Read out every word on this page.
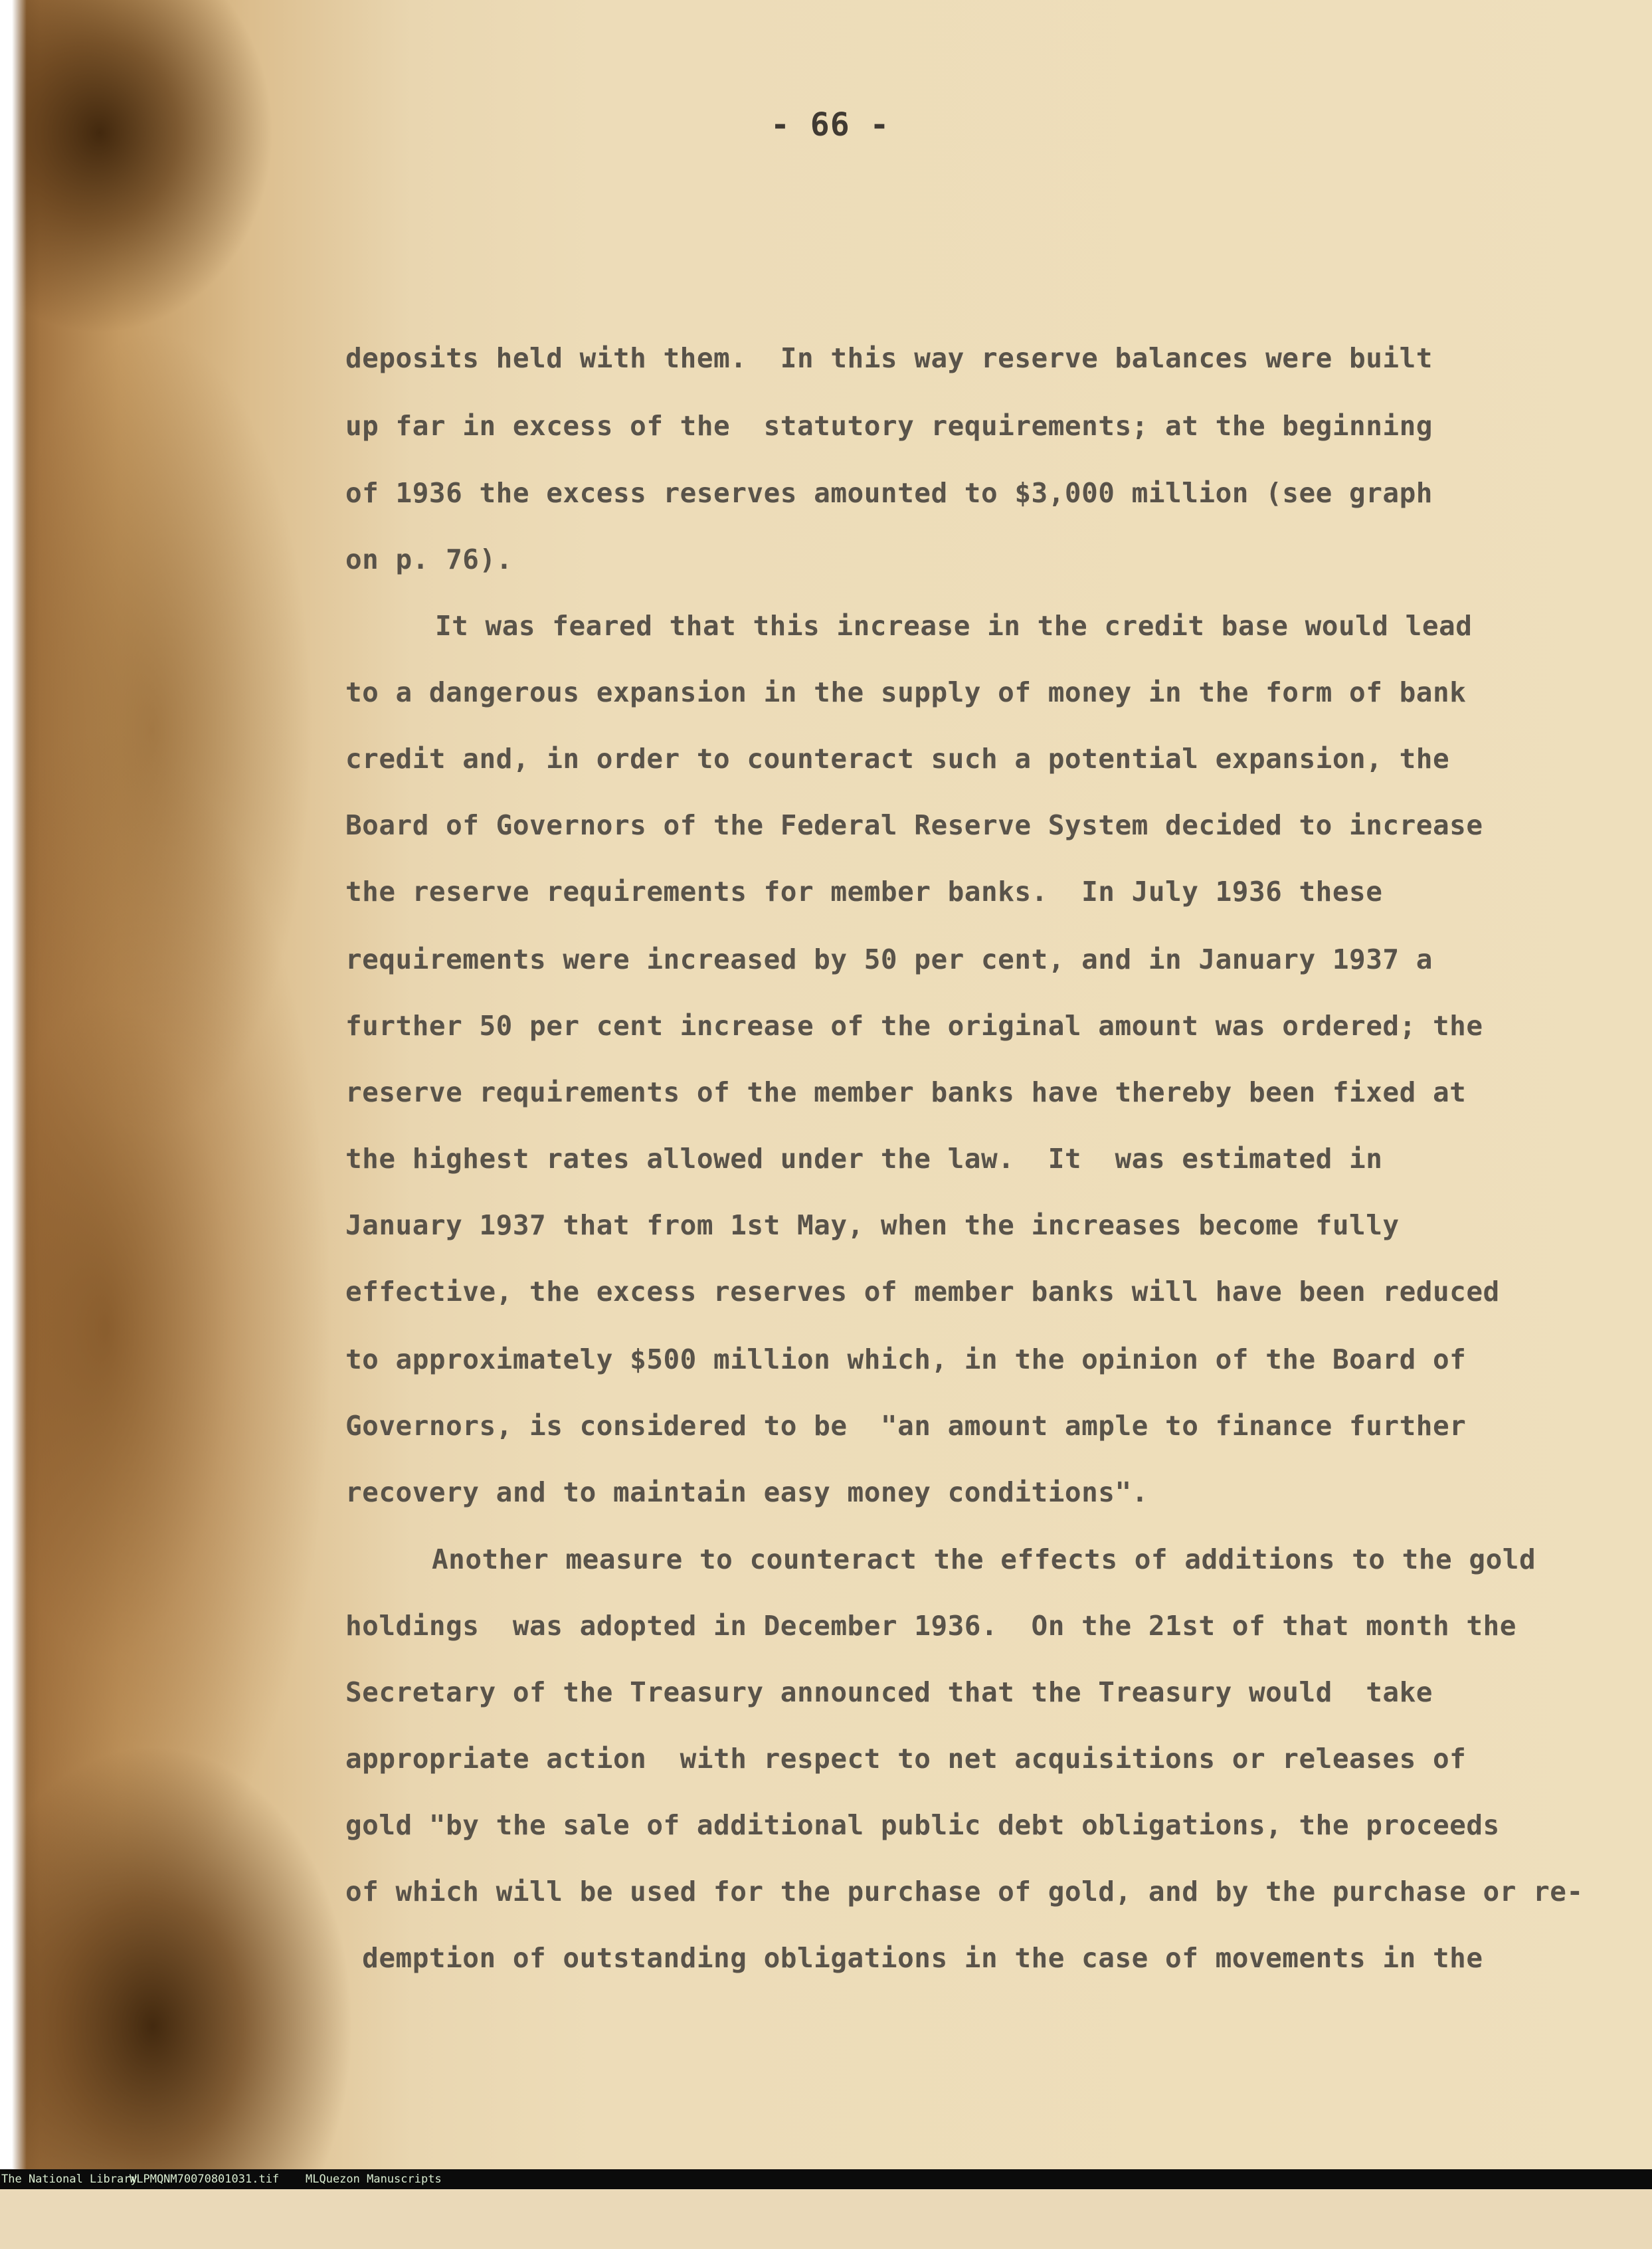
- 66 -
deposits held with them.  In this way reserve balances were built
up far in excess of the  statutory requirements; at the beginning
of 1936 the excess reserves amounted to $3,000 million (see graph
on p. 76).
It was feared that this increase in the credit base would lead
to a dangerous expansion in the supply of money in the form of bank
credit and, in order to counteract such a potential expansion, the
Board of Governors of the Federal Reserve System decided to increase
the reserve requirements for member banks.  In July 1936 these
requirements were increased by 50 per cent, and in January 1937 a
further 50 per cent increase of the original amount was ordered; the
reserve requirements of the member banks have thereby been fixed at
the highest rates allowed under the law.  It  was estimated in
January 1937 that from 1st May, when the increases become fully
effective, the excess reserves of member banks will have been reduced
to approximately $500 million which, in the opinion of the Board of
Governors, is considered to be  "an amount ample to finance further
recovery and to maintain easy money conditions".
Another measure to counteract the effects of additions to the gold
holdings  was adopted in December 1936.  On the 21st of that month the
Secretary of the Treasury announced that the Treasury would  take
appropriate action  with respect to net acquisitions or releases of
gold "by the sale of additional public debt obligations, the proceeds
of which will be used for the purchase of gold, and by the purchase or re-
demption of outstanding obligations in the case of movements in the

The National Library

WLPMQNM70070801031.tif

MLQuezon Manuscripts
